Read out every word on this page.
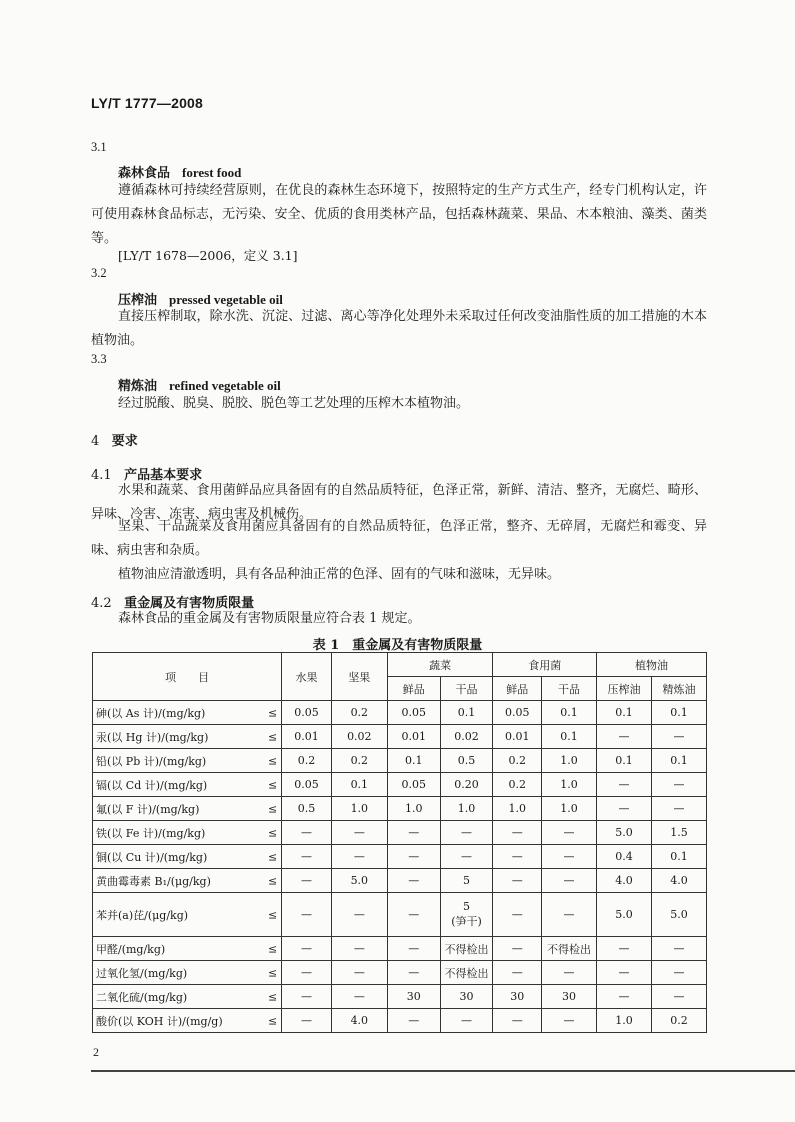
LY/T 1777—2008
3.1
森林食品 forest food
遵循森林可持续经营原则，在优良的森林生态环境下，按照特定的生产方式生产，经专门机构认定，许可使用森林食品标志，无污染、安全、优质的食用类林产品，包括森林蔬菜、果品、木本粮油、藻类、菌类等。
[LY/T 1678—2006，定义 3.1]
3.2
压榨油 pressed vegetable oil
直接压榨制取，除水洗、沉淀、过滤、离心等净化处理外未采取过任何改变油脂性质的加工措施的木本植物油。
3.3
精炼油 refined vegetable oil
经过脱酸、脱臭、脱胶、脱色等工艺处理的压榨木本植物油。
4 要求
4.1 产品基本要求
水果和蔬菜、食用菌鲜品应具备固有的自然品质特征，色泽正常，新鲜、清洁、整齐，无腐烂、畸形、异味、冷害、冻害、病虫害及机械伤。
坚果、干品蔬菜及食用菌应具备固有的自然品质特征，色泽正常，整齐、无碎屑，无腐烂和霉变、异味、病虫害和杂质。
植物油应清澈透明，具有各品种油正常的色泽、固有的气味和滋味，无异味。
4.2 重金属及有害物质限量
森林食品的重金属及有害物质限量应符合表 1 规定。
表 1　重金属及有害物质限量
项　　目	水果	坚果	蔬菜		食用菌		植物油	
			鲜品	干品	鲜品	干品	压榨油	精炼油
砷(以 As 计)/(mg/kg) ≤	0.05	0.2	0.05	0.1	0.05	0.1	0.1	0.1
汞(以 Hg 计)/(mg/kg) ≤	0.01	0.02	0.01	0.02	0.01	0.1	—	—
铅(以 Pb 计)/(mg/kg) ≤	0.2	0.2	0.1	0.5	0.2	1.0	0.1	0.1
镉(以 Cd 计)/(mg/kg) ≤	0.05	0.1	0.05	0.20	0.2	1.0	—	—
氟(以 F 计)/(mg/kg) ≤	0.5	1.0	1.0	1.0	1.0	1.0	—	—
铁(以 Fe 计)/(mg/kg) ≤	—	—	—	—	—	—	5.0	1.5
铜(以 Cu 计)/(mg/kg) ≤	—	—	—	—	—	—	0.4	0.1
黄曲霉毒素 B₁/(μg/kg) ≤	—	5.0	—	5	—	—	4.0	4.0
苯并(a)芘/(μg/kg) ≤	—	—	—	5
(笋干)	—	—	5.0	5.0
甲醛/(mg/kg) ≤	—	—	—	不得检出	—	不得检出	—	—
过氧化氢/(mg/kg) ≤	—	—	—	不得检出	—	—	—	—
二氧化硫/(mg/kg) ≤	—	—	30	30	30	30	—	—
酸价(以 KOH 计)/(mg/g) ≤	—	4.0	—	—	—	—	1.0	0.2
2
